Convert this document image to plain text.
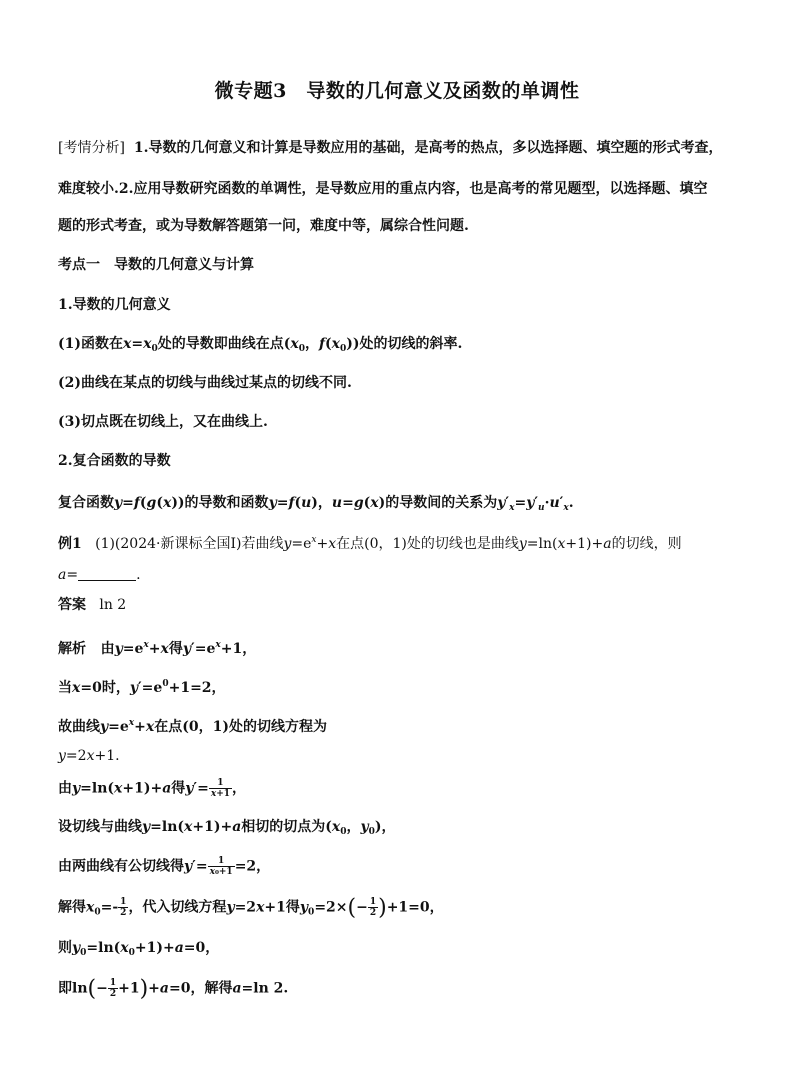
微专题3　导数的几何意义及函数的单调性
[考情分析] 1.导数的几何意义和计算是导数应用的基础，是高考的热点，多以选择题、填空题的形式考查，
难度较小.2.应用导数研究函数的单调性，是导数应用的重点内容，也是高考的常见题型，以选择题、填空
题的形式考查，或为导数解答题第一问，难度中等，属综合性问题.
考点一　导数的几何意义与计算
1.导数的几何意义
(1)函数在$x=x_0$处的导数即曲线在点($x_0$，$f(x_0)$)处的切线的斜率.
(2)曲线在某点的切线与曲线过某点的切线不同.
(3)切点既在切线上，又在曲线上.
2.复合函数的导数
复合函数y=f(g(x))的导数和函数y=f(u)，u=g(x)的导数间的关系为$y'_x=y'_u\cdot u'_x$.
例1   (1)(2024·新课标全国Ⅰ)若曲线$y=e^x+x$在点(0，1)处的切线也是曲线y=ln(x+1)+a的切线，则
a=	.
答案 ln 2
解析   由$y=e^x+x$得$y'=e^x+1$，
当x=0时，$y'=e^0+1=2$，
故曲线$y=e^x+x$在点(0，1)处的切线方程为
y=2x+1.
由y=ln(x+1)+a得$y'= \frac{1}{x+1}$ ，
设切线与曲线y=ln(x+1)+a相切的切点为($x_0$，$y_0$)，
由两曲线有公切线得$y'= \frac{1}{\text{x₀+1}} =2$，
解得$x_0=- \frac{1}{2}$ ，代入切线方程y=2x+1得$y_0=2\times(- \frac{1}{2} )+1=0$，
则$y_0=\ln(x_0+1)+a=0$，
即$\ln(- \frac{1}{2} +1)+a=0$，解得a=ln 2.
